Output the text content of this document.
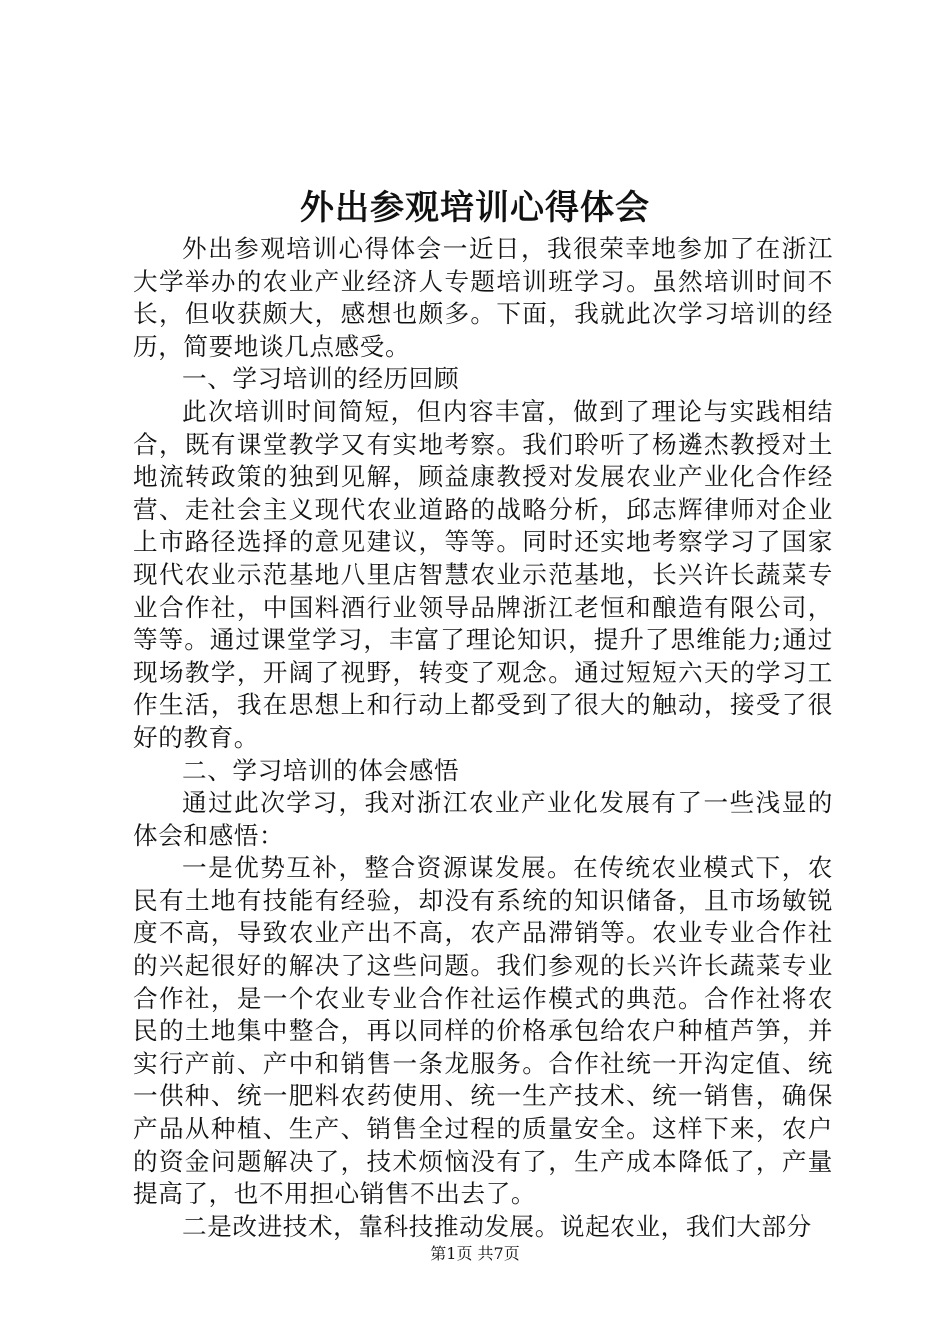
外出参观培训心得体会

外出参观培训心得体会一近日，我很荣幸地参加了在浙江大学举办的农业产业经济人专题培训班学习。虽然培训时间不长，但收获颇大，感想也颇多。下面，我就此次学习培训的经历，简要地谈几点感受。

一、学习培训的经历回顾

此次培训时间简短，但内容丰富，做到了理论与实践相结合，既有课堂教学又有实地考察。我们聆听了杨遴杰教授对土地流转政策的独到见解，顾益康教授对发展农业产业化合作经营、走社会主义现代农业道路的战略分析，邱志辉律师对企业上市路径选择的意见建议，等等。同时还实地考察学习了国家现代农业示范基地八里店智慧农业示范基地，长兴许长蔬菜专业合作社，中国料酒行业领导品牌浙江老恒和酿造有限公司，等等。通过课堂学习，丰富了理论知识，提升了思维能力;通过现场教学，开阔了视野，转变了观念。通过短短六天的学习工作生活，我在思想上和行动上都受到了很大的触动，接受了很好的教育。

二、学习培训的体会感悟

通过此次学习，我对浙江农业产业化发展有了一些浅显的体会和感悟：

一是优势互补，整合资源谋发展。在传统农业模式下，农民有土地有技能有经验，却没有系统的知识储备，且市场敏锐度不高，导致农业产出不高，农产品滞销等。农业专业合作社的兴起很好的解决了这些问题。我们参观的长兴许长蔬菜专业合作社，是一个农业专业合作社运作模式的典范。合作社将农民的土地集中整合，再以同样的价格承包给农户种植芦笋，并实行产前、产中和销售一条龙服务。合作社统一开沟定值、统一供种、统一肥料农药使用、统一生产技术、统一销售，确保产品从种植、生产、销售全过程的质量安全。这样下来，农户的资金问题解决了，技术烦恼没有了，生产成本降低了，产量提高了，也不用担心销售不出去了。

二是改进技术，靠科技推动发展。说起农业，我们大部分

第1页 共7页
